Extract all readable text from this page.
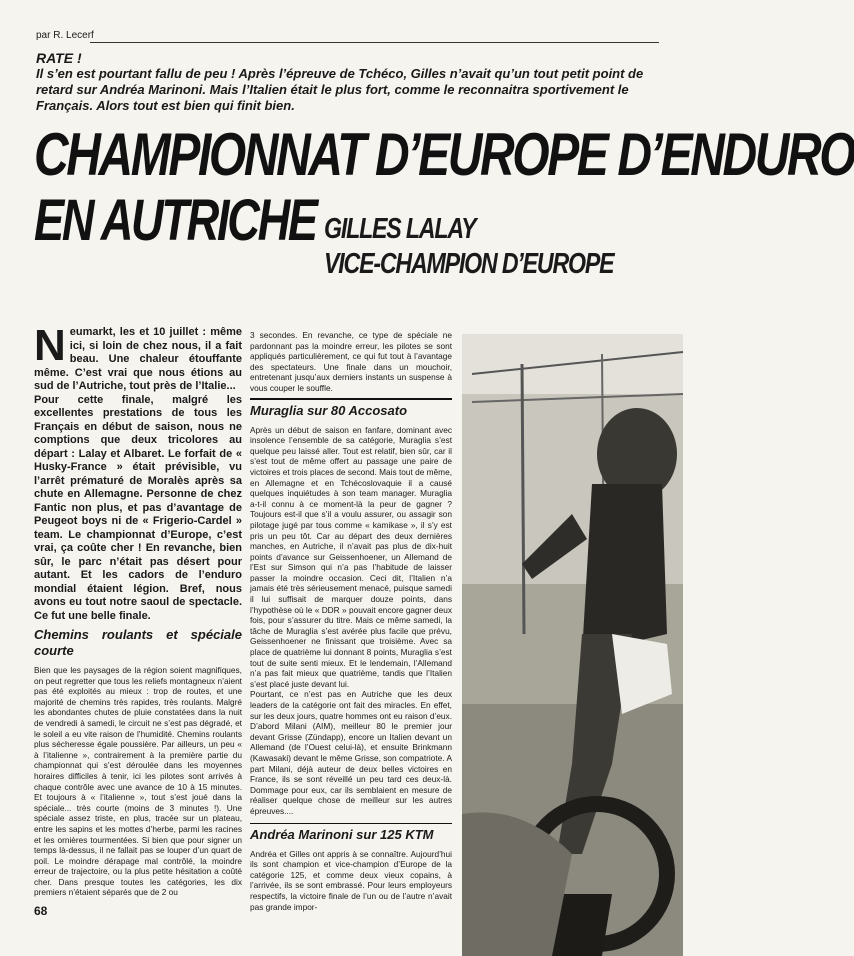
par R. Lecerf
RATE !
Il s’en est pourtant fallu de peu ! Après l’épreuve de Tchéco, Gilles n’avait qu’un tout petit point de retard sur Andréa Marinoni. Mais l’Italien était le plus fort, comme le reconnaitra sportivement le Français. Alors tout est bien qui finit bien.
CHAMPIONNAT D’EUROPE D’ENDURO
EN AUTRICHE GILLES LALAY
VICE-CHAMPION D’EUROPE

Neumarkt, les et 10 juillet : même ici, si loin de chez nous, il a fait beau. Une chaleur étouffante même. C’est vrai que nous étions au sud de l’Autriche, tout près de l’Italie...

Pour cette finale, malgré les excellentes prestations de tous les Français en début de saison, nous ne comptions que deux tricolores au départ : Lalay et Albaret. Le forfait de « Husky-France » était prévisible, vu l’arrêt prématuré de Moralès après sa chute en Allemagne. Personne de chez Fantic non plus, et pas d’avantage de Peugeot boys ni de « Frigerio-Cardel » team. Le championnat d’Europe, c’est vrai, ça coûte cher ! En revanche, bien sûr, le parc n’était pas désert pour autant. Et les cadors de l’enduro mondial étaient légion. Bref, nous avons eu tout notre saoul de spectacle. Ce fut une belle finale.

Chemins roulants et spéciale courte

Bien que les paysages de la région soient magnifiques, on peut regretter que tous les reliefs montagneux n’aient pas été exploités au mieux : trop de routes, et une majorité de chemins très rapides, très roulants. Malgré les abondantes chutes de pluie constatées dans la nuit de vendredi à samedi, le circuit ne s’est pas dégradé, et le soleil a eu vite raison de l’humidité. Chemins roulants plus sécheresse égale poussière. Par ailleurs, un peu « à l’italienne », contrairement à la première partie du championnat qui s’est déroulée dans les moyennes horaires difficiles à tenir, ici les pilotes sont arrivés à chaque contrôle avec une avance de 10 à 15 minutes. Et toujours à « l’italienne », tout s’est joué dans la spéciale... très courte (moins de 3 minutes !). Une spéciale assez triste, en plus, tracée sur un plateau, entre les sapins et les mottes d’herbe, parmi les racines et les ornières tourmentées. Si bien que pour signer un temps là-dessus, il ne fallait pas se louper d’un quart de poil. Le moindre dérapage mal contrôlé, la moindre erreur de trajectoire, ou la plus petite hésitation a coûté cher. Dans presque toutes les catégories, les dix premiers n’étaient séparés que de 2 ou

3 secondes. En revanche, ce type de spéciale ne pardonnant pas la moindre erreur, les pilotes se sont appliqués particulièrement, ce qui fut tout à l’avantage des spectateurs. Une finale dans un mouchoir, entretenant jusqu’aux derniers instants un suspense à vous couper le souffle.

Muraglia sur 80 Accosato

Après un début de saison en fanfare, dominant avec insolence l’ensemble de sa catégorie, Muraglia s’est quelque peu laissé aller. Tout est relatif, bien sûr, car il s’est tout de même offert au passage une paire de victoires et trois places de second. Mais tout de même, en Allemagne et en Tchécoslovaquie il a causé quelques inquiétudes à son team manager. Muraglia a-t-il connu à ce moment-là la peur de gagner ? Toujours est-il que s’il a voulu assurer, ou assagir son pilotage jugé par tous comme « kamikase », il s’y est pris un peu tôt. Car au départ des deux dernières manches, en Autriche, il n’avait pas plus de dix-huit points d’avance sur Geissenhoener, un Allemand de l’Est sur Simson qui n’a pas l’habitude de laisser passer la moindre occasion. Ceci dit, l’Italien n’a jamais été très sérieusement menacé, puisque samedi il lui suffisait de marquer douze points, dans l’hypothèse où le « DDR » pouvait encore gagner deux fois, pour s’assurer du titre. Mais ce même samedi, la tâche de Muraglia s’est avérée plus facile que prévu, Geissenhoener ne finissant que troisième. Avec sa place de quatrième lui donnant 8 points, Muraglia s’est tout de suite senti mieux. Et le lendemain, l’Allemand n’a pas fait mieux que quatrième, tandis que l’Italien s’est placé juste devant lui.

Pourtant, ce n’est pas en Autriche que les deux leaders de la catégorie ont fait des miracles. En effet, sur les deux jours, quatre hommes ont eu raison d’eux. D’abord Milani (AIM), meilleur 80 le premier jour devant Grisse (Zündapp), encore un Italien devant un Allemand (de l’Ouest celui-là), et ensuite Brinkmann (Kawasaki) devant le même Grisse, son compatriote. A part Milani, déjà auteur de deux belles victoires en France, ils se sont réveillé un peu tard ces deux-là. Dommage pour eux, car ils semblaient en mesure de réaliser quelque chose de meilleur sur les autres épreuves....

Andréa Marinoni sur 125 KTM

Andréa et Gilles ont appris à se connaître. Aujourd’hui ils sont champion et vice-champion d’Europe de la catégorie 125, et comme deux vieux copains, à l’arrivée, ils se sont embrassé. Pour leurs employeurs respectifs, la victoire finale de l’un ou de l’autre n’avait pas grande impor-

68
